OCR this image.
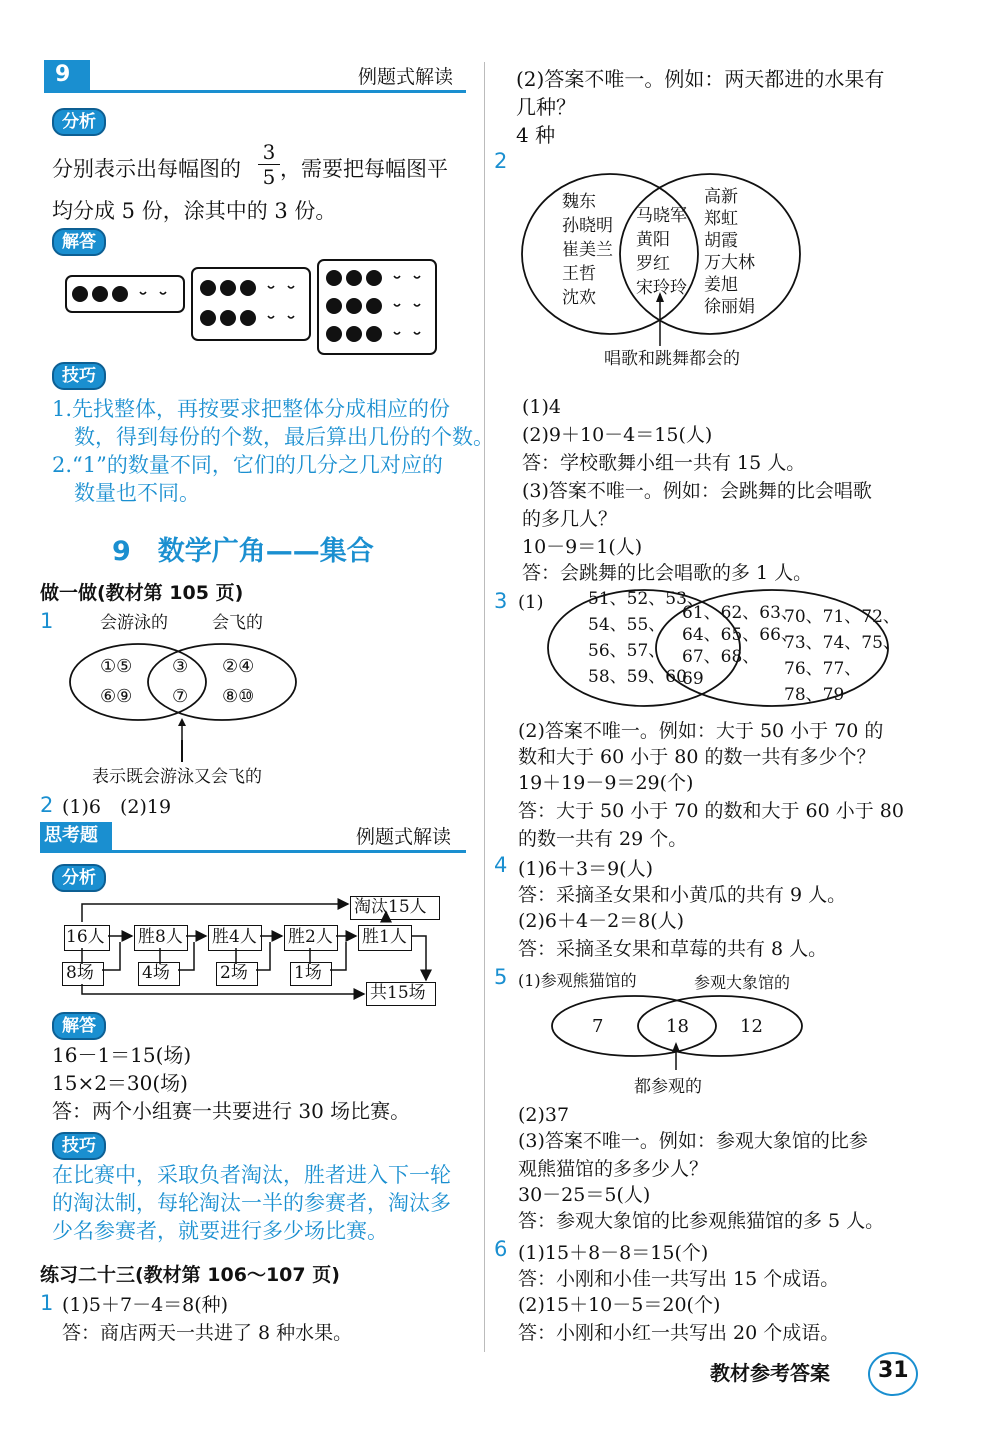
9	例题式解读
分析
分别表示出每幅图的 $\frac{3}{5}$ ，需要把每幅图平
均分成 5 份，涂其中的 3 份。
解答
技巧
1.先找整体，再按要求把整体分成相应的份
数，得到每份的个数，最后算出几份的个数。
2.“1”的数量不同，它们的几分之几对应的
数量也不同。
9　数学广角——集合
做一做(教材第 105 页)
1	会游泳的	会飞的
①⑤
⑥⑨
③
⑦
②④
⑧⑩
表示既会游泳又会飞的
2 (1)6　(2)19
思考题	例题式解读
分析
16人 胜8人 胜4人 胜2人 胜1人
淘汰15人
8场	4场	2场	1场
共15场
解答
16－1＝15(场)
15×2＝30(场)
答：两个小组赛一共要进行 30 场比赛。
技巧
在比赛中，采取负者淘汰，胜者进入下一轮
的淘汰制，每轮淘汰一半的参赛者，淘汰多
少名参赛者，就要进行多少场比赛。
练习二十三(教材第 106～107 页)
1 (1)5＋7－4＝8(种)
答：商店两天一共进了 8 种水果。
(2)答案不唯一。例如：两天都进的水果有
几种？
4 种
2
魏东
孙晓明
崔美兰
王哲
沈欢
马晓军
黄阳
罗红
宋玲玲
高新
郑虹
胡霞
万大林
姜旭
徐丽娟
唱歌和跳舞都会的
(1)4
(2)9＋10－4＝15(人)
答：学校歌舞小组一共有 15 人。
(3)答案不唯一。例如：会跳舞的比会唱歌
的多几人？
10－9＝1(人)
答：会跳舞的比会唱歌的多 1 人。
3 (1)	51、52、53、
54、55、
56、57、
58、59、60
61、62、63、
64、65、66、
67、68、
69
70、71、72、
73、74、75、
76、77、
78、79
(2)答案不唯一。例如：大于 50 小于 70 的
数和大于 60 小于 80 的数一共有多少个？
19＋19－9＝29(个)
答：大于 50 小于 70 的数和大于 60 小于 80
的数一共有 29 个。
4 (1)6＋3＝9(人)
答：采摘圣女果和小黄瓜的共有 9 人。
(2)6＋4－2＝8(人)
答：采摘圣女果和草莓的共有 8 人。
5 (1)参观熊猫馆的	参观大象馆的
7	18	12
都参观的
(2)37
(3)答案不唯一。例如：参观大象馆的比参
观熊猫馆的多多少人？
30－25＝5(人)
答：参观大象馆的比参观熊猫馆的多 5 人。
6 (1)15＋8－8＝15(个)
答：小刚和小佳一共写出 15 个成语。
(2)15＋10－5＝20(个)
答：小刚和小红一共写出 20 个成语。
教材参考答案 31
